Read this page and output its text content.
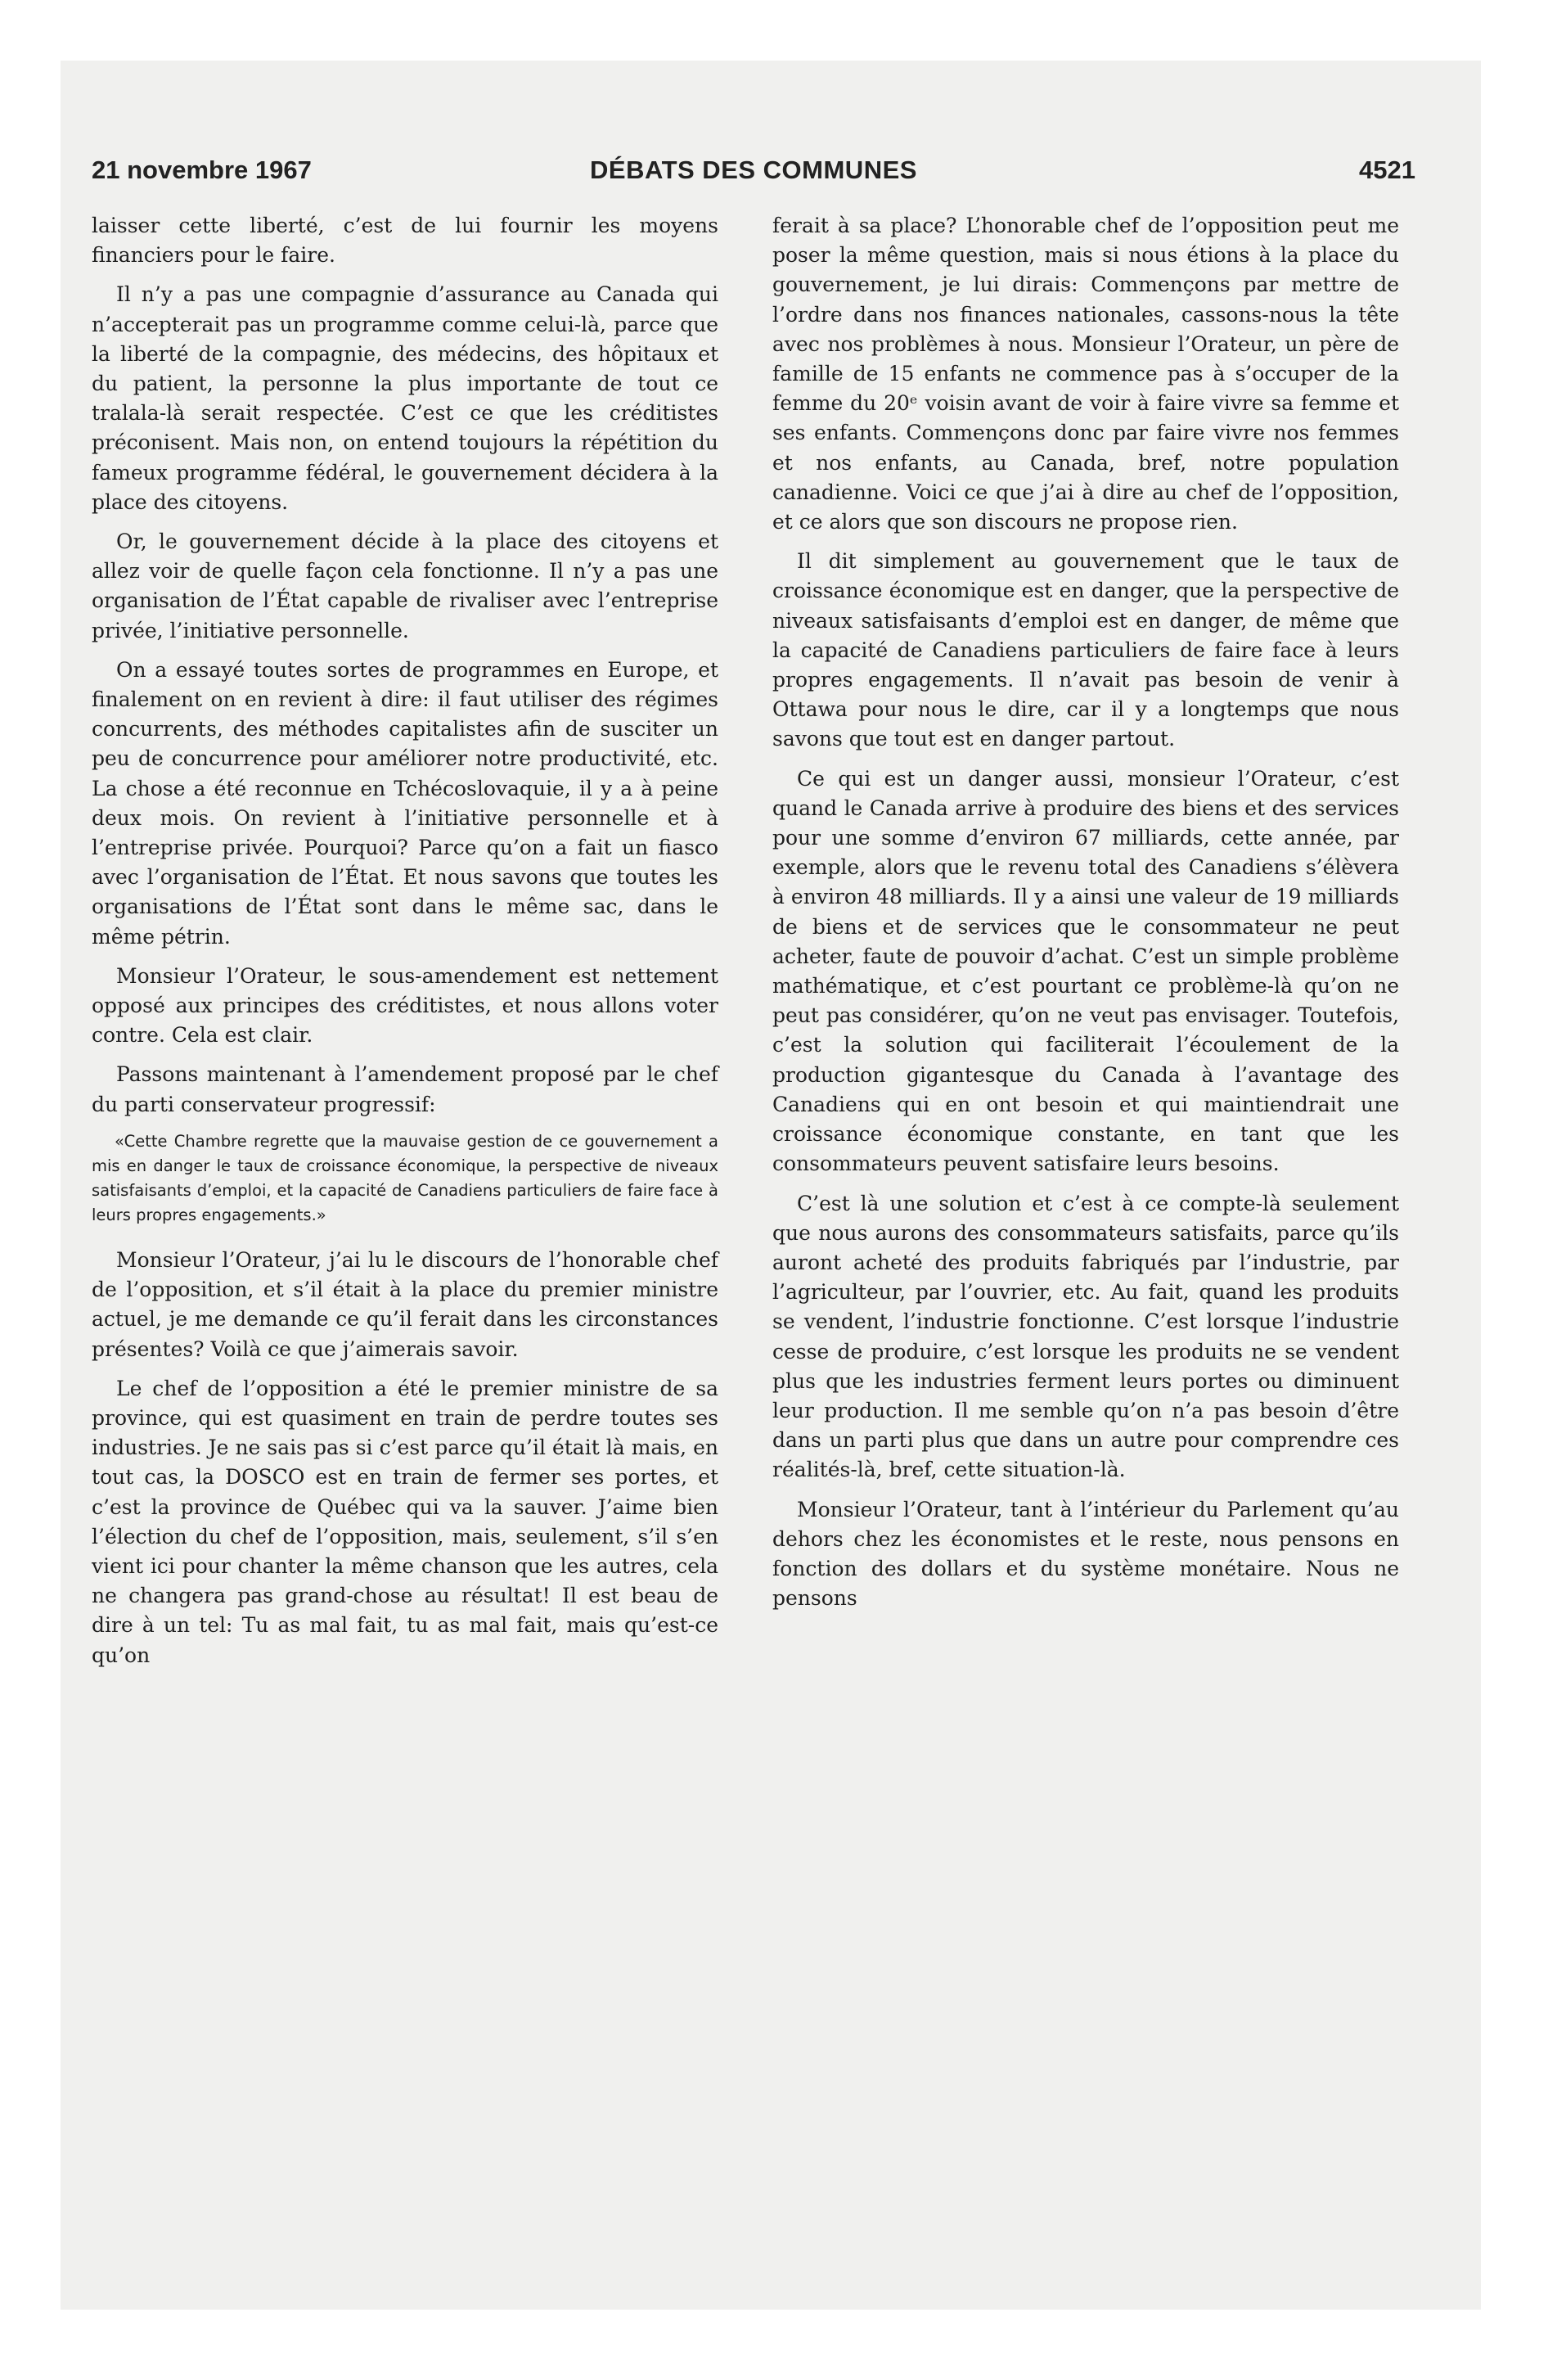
21 novembre 1967	DÉBATS DES COMMUNES	4521

laisser cette liberté, c’est de lui fournir les moyens financiers pour le faire.

Il n’y a pas une compagnie d’assurance au Canada qui n’accepterait pas un programme comme celui-là, parce que la liberté de la compagnie, des médecins, des hôpitaux et du patient, la personne la plus importante de tout ce tralala-là serait respectée. C’est ce que les créditistes préconisent. Mais non, on entend toujours la répétition du fameux programme fédéral, le gouvernement décidera à la place des citoyens.

Or, le gouvernement décide à la place des citoyens et allez voir de quelle façon cela fonctionne. Il n’y a pas une organisation de l’État capable de rivaliser avec l’entreprise privée, l’initiative personnelle.

On a essayé toutes sortes de programmes en Europe, et finalement on en revient à dire: il faut utiliser des régimes concurrents, des méthodes capitalistes afin de susciter un peu de concurrence pour améliorer notre productivité, etc. La chose a été reconnue en Tchécoslovaquie, il y a à peine deux mois. On revient à l’initiative personnelle et à l’entreprise privée. Pourquoi? Parce qu’on a fait un fiasco avec l’organisation de l’État. Et nous savons que toutes les organisations de l’État sont dans le même sac, dans le même pétrin.

Monsieur l’Orateur, le sous-amendement est nettement opposé aux principes des créditistes, et nous allons voter contre. Cela est clair.

Passons maintenant à l’amendement proposé par le chef du parti conservateur progressif:

«Cette Chambre regrette que la mauvaise gestion de ce gouvernement a mis en danger le taux de croissance économique, la perspective de niveaux satisfaisants d’emploi, et la capacité de Canadiens particuliers de faire face à leurs propres engagements.»

Monsieur l’Orateur, j’ai lu le discours de l’honorable chef de l’opposition, et s’il était à la place du premier ministre actuel, je me demande ce qu’il ferait dans les circonstances présentes? Voilà ce que j’aimerais savoir.

Le chef de l’opposition a été le premier ministre de sa province, qui est quasiment en train de perdre toutes ses industries. Je ne sais pas si c’est parce qu’il était là mais, en tout cas, la DOSCO est en train de fermer ses portes, et c’est la province de Québec qui va la sauver. J’aime bien l’élection du chef de l’opposition, mais, seulement, s’il s’en vient ici pour chanter la même chanson que les autres, cela ne changera pas grand-chose au résultat! Il est beau de dire à un tel: Tu as mal fait, tu as mal fait, mais qu’est-ce qu’on

ferait à sa place? L’honorable chef de l’opposition peut me poser la même question, mais si nous étions à la place du gouvernement, je lui dirais: Commençons par mettre de l’ordre dans nos finances nationales, cassons-nous la tête avec nos problèmes à nous. Monsieur l’Orateur, un père de famille de 15 enfants ne commence pas à s’occuper de la femme du 20ᵉ voisin avant de voir à faire vivre sa femme et ses enfants. Commençons donc par faire vivre nos femmes et nos enfants, au Canada, bref, notre population canadienne. Voici ce que j’ai à dire au chef de l’opposition, et ce alors que son discours ne propose rien.

Il dit simplement au gouvernement que le taux de croissance économique est en danger, que la perspective de niveaux satisfaisants d’emploi est en danger, de même que la capacité de Canadiens particuliers de faire face à leurs propres engagements. Il n’avait pas besoin de venir à Ottawa pour nous le dire, car il y a longtemps que nous savons que tout est en danger partout.

Ce qui est un danger aussi, monsieur l’Orateur, c’est quand le Canada arrive à produire des biens et des services pour une somme d’environ 67 milliards, cette année, par exemple, alors que le revenu total des Canadiens s’élèvera à environ 48 milliards. Il y a ainsi une valeur de 19 milliards de biens et de services que le consommateur ne peut acheter, faute de pouvoir d’achat. C’est un simple problème mathématique, et c’est pourtant ce problème-là qu’on ne peut pas considérer, qu’on ne veut pas envisager. Toutefois, c’est la solution qui faciliterait l’écoulement de la production gigantesque du Canada à l’avantage des Canadiens qui en ont besoin et qui maintiendrait une croissance économique constante, en tant que les consommateurs peuvent satisfaire leurs besoins.

C’est là une solution et c’est à ce compte-là seulement que nous aurons des consommateurs satisfaits, parce qu’ils auront acheté des produits fabriqués par l’industrie, par l’agriculteur, par l’ouvrier, etc. Au fait, quand les produits se vendent, l’industrie fonctionne. C’est lorsque l’industrie cesse de produire, c’est lorsque les produits ne se vendent plus que les industries ferment leurs portes ou diminuent leur production. Il me semble qu’on n’a pas besoin d’être dans un parti plus que dans un autre pour comprendre ces réalités-là, bref, cette situation-là.

Monsieur l’Orateur, tant à l’intérieur du Parlement qu’au dehors chez les économistes et le reste, nous pensons en fonction des dollars et du système monétaire. Nous ne pensons
